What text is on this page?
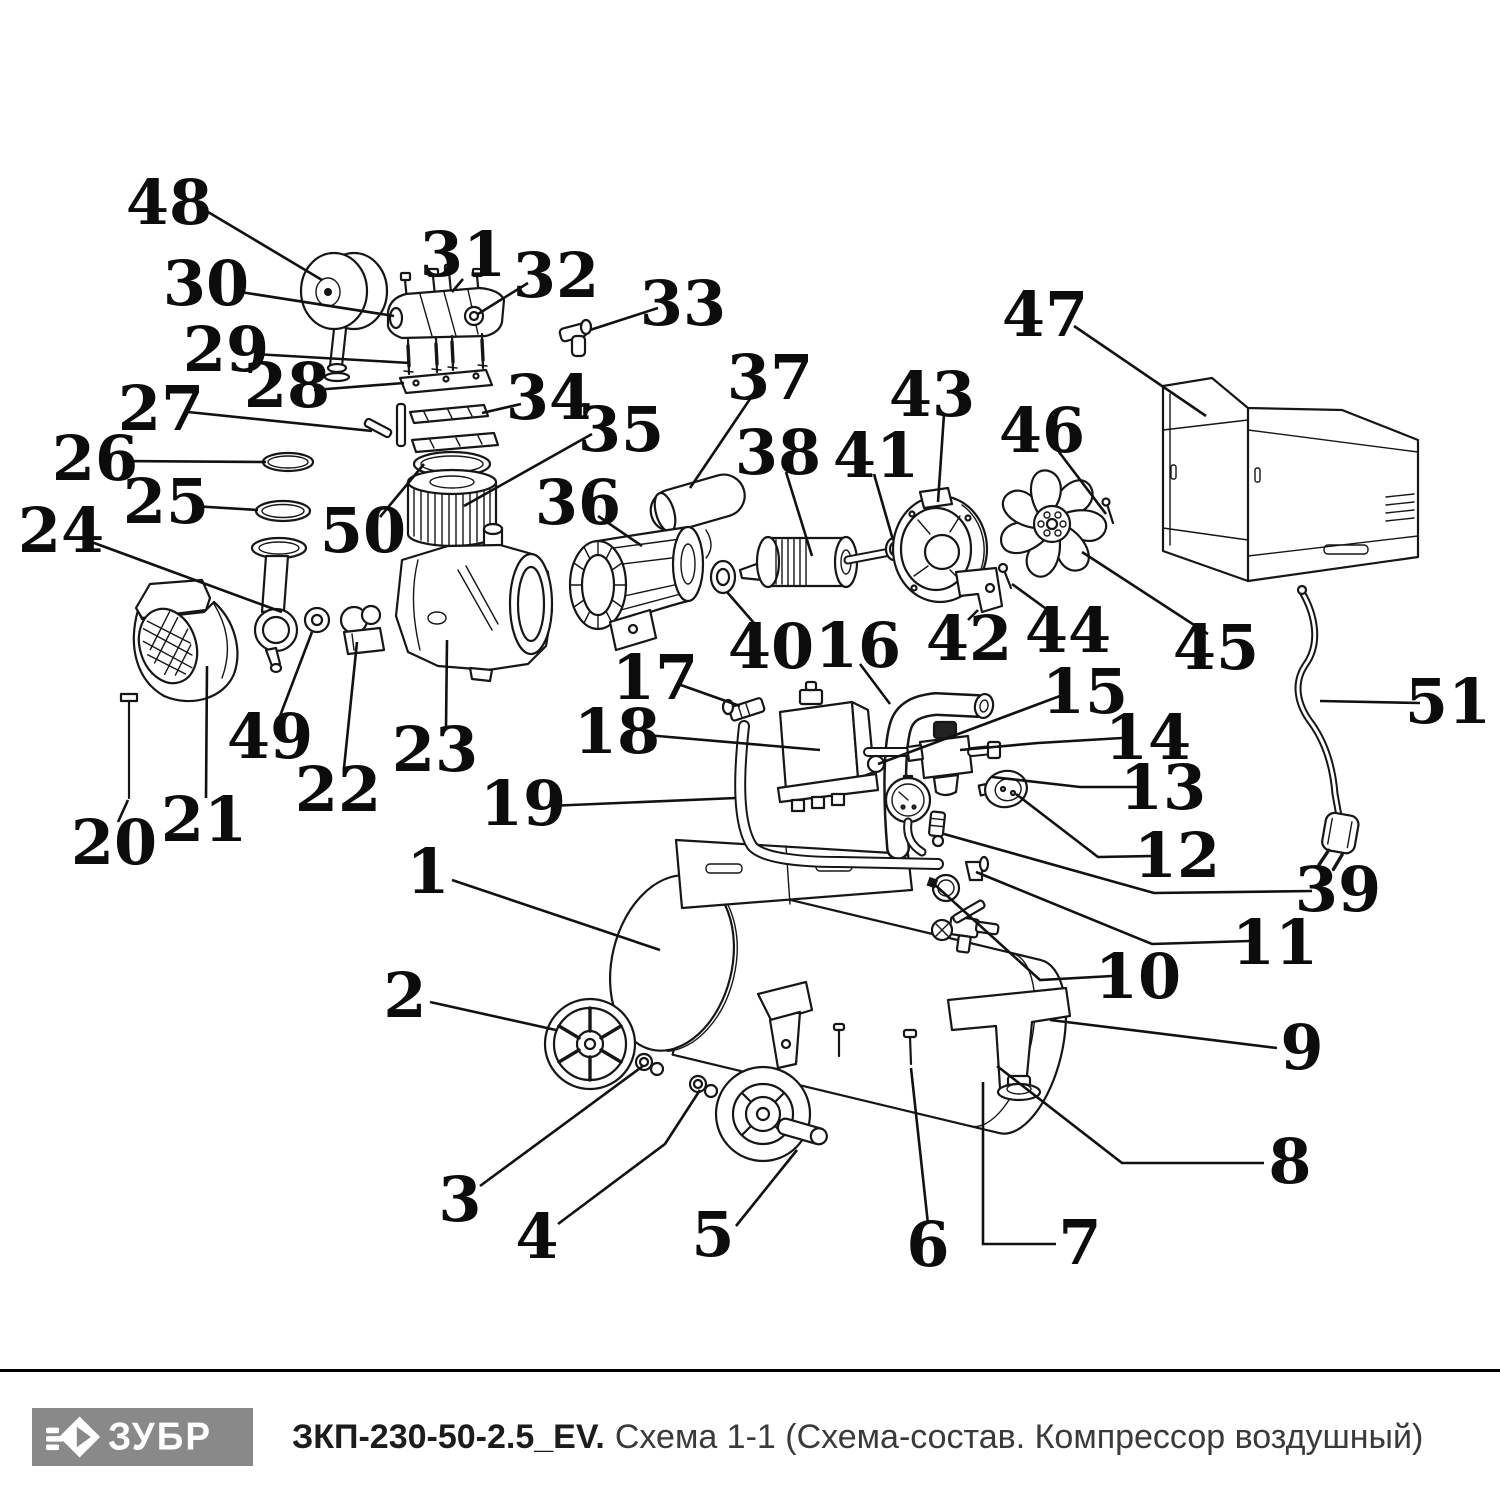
1
2
3
4 5	6 7
8
9
10 11
12
13
14
15
16
17
18
19
20 21 22
23
24 25
26
27 28
29
30	31 32 33
34
35
36
37
38
39
40
41
42
43
44 45
46
47
48
49
50
51
ЗУБР ЗКП-230-50-2.5_EV. Схема 1-1 (Схема-состав. Компрессор воздушный)
